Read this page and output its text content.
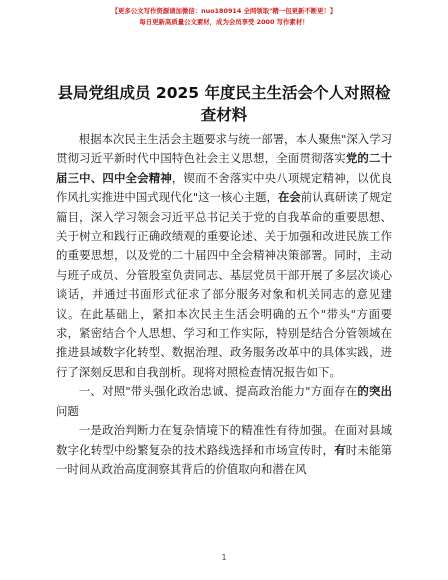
【更多公文写作资源请加微信：nuo180914 全网领取"精一包更新不断更！】
每日更新高质量公文素材，成为会员享受 2000 写作素材！
县局党组成员 2025 年度民主生活会个人对照检查材料

根据本次民主生活会主题要求与统一部署，本人聚焦"深入学习贯彻习近平新时代中国特色社会主义思想，全面贯彻落实党的二十届三中、四中全会精神，锲而不舍落实中央八项规定精神，以优良作风扎实推进中国式现代化"这一核心主题，在会前认真研读了规定篇目，深入学习领会习近平总书记关于党的自我革命的重要思想、关于树立和践行正确政绩观的重要论述、关于加强和改进民族工作的重要思想，以及党的二十届四中全会精神决策部署。同时，主动与班子成员、分管股室负责同志、基层党员干部开展了多层次谈心谈话，并通过书面形式征求了部分服务对象和机关同志的意见建议。在此基础上，紧扣本次民主生活会明确的五个"带头"方面要求，紧密结合个人思想、学习和工作实际，特别是结合分管领域在推进县域数字化转型、数据治理、政务服务改革中的具体实践，进行了深刻反思和自我剖析。现将对照检查情况报告如下。

一、对照"带头强化政治忠诚、提高政治能力"方面存在的突出问题

一是政治判断力在复杂情境下的精准性有待加强。在面对县域数字化转型中纷繁复杂的技术路线选择和市场宣传时，有时未能第一时间从政治高度洞察其背后的价值取向和潜在风

1
